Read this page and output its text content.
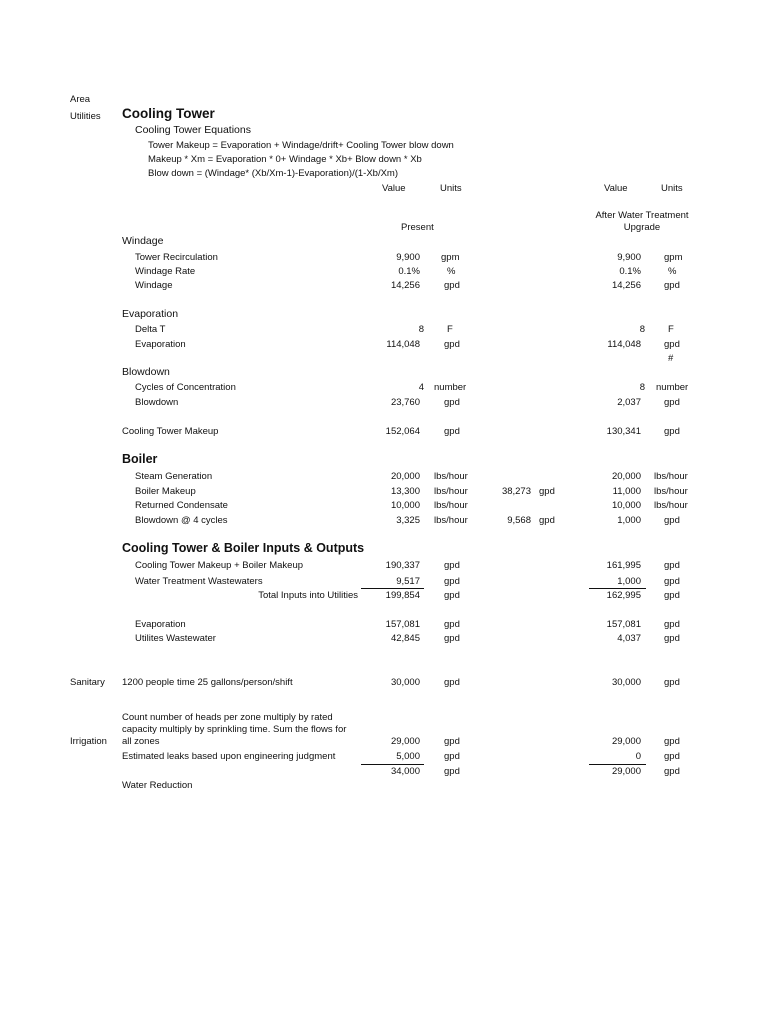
Area
Utilities Cooling Tower
Cooling Tower Equations
Tower Makeup = Evaporation + Windage/drift+ Cooling Tower blow down
Makeup * Xm = Evaporation * 0+ Windage * Xb+ Blow down * Xb
Blow down = (Windage* (Xb/Xm-1)-Evaporation)/(1-Xb/Xm)
Value	Units	Value	Units
Present
After Water Treatment
Upgrade
Windage
Tower Recirculation	9,900 gpm	9,900 gpm
Windage Rate	0.1%	%	0.1%	%
Windage	14,256	gpd	14,256 gpd
Evaporation
Delta T	8 F	8 F
Evaporation	114,048	gpd	114,048 gpd
#
Blowdown
Cycles of Concentration	4 number	8 number
Blowdown	23,760	gpd	2,037 gpd
Cooling Tower Makeup	152,064	gpd	130,341 gpd
Boiler
Steam Generation	20,000 lbs/hour	20,000 lbs/hour
Boiler Makeup	13,300 lbs/hour	38,273 gpd	11,000 lbs/hour
Returned Condensate	10,000 lbs/hour	10,000 lbs/hour
Blowdown @ 4 cycles	3,325 lbs/hour	9,568 gpd	1,000 gpd
Cooling Tower & Boiler Inputs & Outputs
Cooling Tower Makeup + Boiler Makeup	190,337	gpd	161,995 gpd
Water Treatment Wastewaters	9,517	gpd	1,000 gpd
Total Inputs into Utilities	199,854	gpd	162,995 gpd
Evaporation	157,081	gpd	157,081 gpd
Utilites Wastewater	42,845	gpd	4,037 gpd
Sanitary 1200 people time 25 gallons/person/shift	30,000	gpd	30,000 gpd
Count number of heads per zone multiply by rated
capacity multiply by sprinkling time. Sum the flows for
all zones
Irrigation	29,000	gpd	29,000 gpd
Estimated leaks based upon engineering judgment	5,000	gpd	0 gpd
34,000	gpd	29,000 gpd
Water Reduction
